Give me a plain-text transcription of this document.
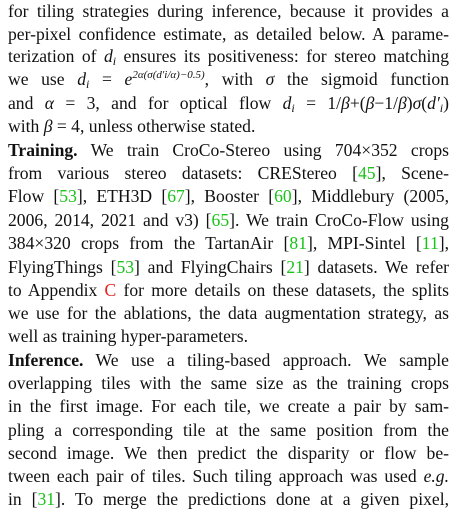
for tiling strategies during inference, because it provides a
per-pixel confidence estimate, as detailed below. A parame-
terization of $d_i$ ensures its positiveness: for stereo matching
we use $d_i = e^{2\alpha(\sigma(d'i/\alpha)-0.5)}$, with σ the sigmoid function
and α = 3, and for optical flow $d_i = 1/\beta+(\beta-1/\beta)\sigma(d'_i)$
with β = 4, unless otherwise stated.
Training. We train CroCo-Stereo using 704×352 crops
from various stereo datasets: CREStereo [45], Scene-
Flow [53], ETH3D [67], Booster [60], Middlebury (2005,
2006, 2014, 2021 and v3) [65]. We train CroCo-Flow using
384×320 crops from the TartanAir [81], MPI-Sintel [11],
FlyingThings [53] and FlyingChairs [21] datasets. We refer
to Appendix C for more details on these datasets, the splits
we use for the ablations, the data augmentation strategy, as
well as training hyper-parameters.
Inference. We use a tiling-based approach. We sample
overlapping tiles with the same size as the training crops
in the first image. For each tile, we create a pair by sam-
pling a corresponding tile at the same position from the
second image. We then predict the disparity or flow be-
tween each pair of tiles. Such tiling approach was used e.g.
in [31]. To merge the predictions done at a given pixel,
